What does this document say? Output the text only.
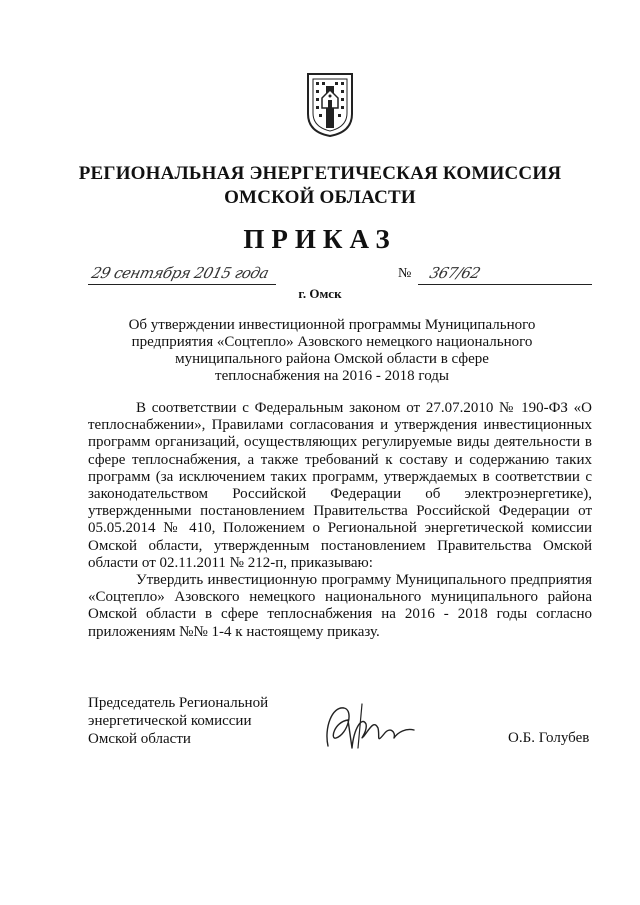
РЕГИОНАЛЬНАЯ ЭНЕРГЕТИЧЕСКАЯ КОМИССИЯ
ОМСКОЙ ОБЛАСТИ
ПРИКАЗ
29 сентября 2015 года	№ 367/62
г. Омск
Об утверждении инвестиционной программы Муниципального
предприятия «Соцтепло» Азовского немецкого национального
муниципального района Омской области в сфере
теплоснабжения на 2016 - 2018 годы

В соответствии с Федеральным законом от 27.07.2010 № 190-ФЗ «О теплоснабжении», Правилами согласования и утверждения инвестиционных программ организаций, осуществляющих регулируемые виды деятельности в сфере теплоснабжения, а также требований к составу и содержанию таких программ (за исключением таких программ, утверждаемых в соответствии с законодательством Российской Федерации об электроэнергетике), утвержденными постановлением Правительства Российской Федерации от 05.05.2014 № 410, Положением о Региональной энергетической комиссии Омской области, утвержденным постановлением Правительства Омской области от 02.11.2011 № 212-п, приказываю:

Утвердить инвестиционную программу Муниципального предприятия «Соцтепло» Азовского немецкого национального муниципального района Омской области в сфере теплоснабжения на 2016 - 2018 годы согласно приложениям №№ 1-4 к настоящему приказу.

Председатель Региональной
энергетической комиссии
Омской области	О.Б. Голубев
